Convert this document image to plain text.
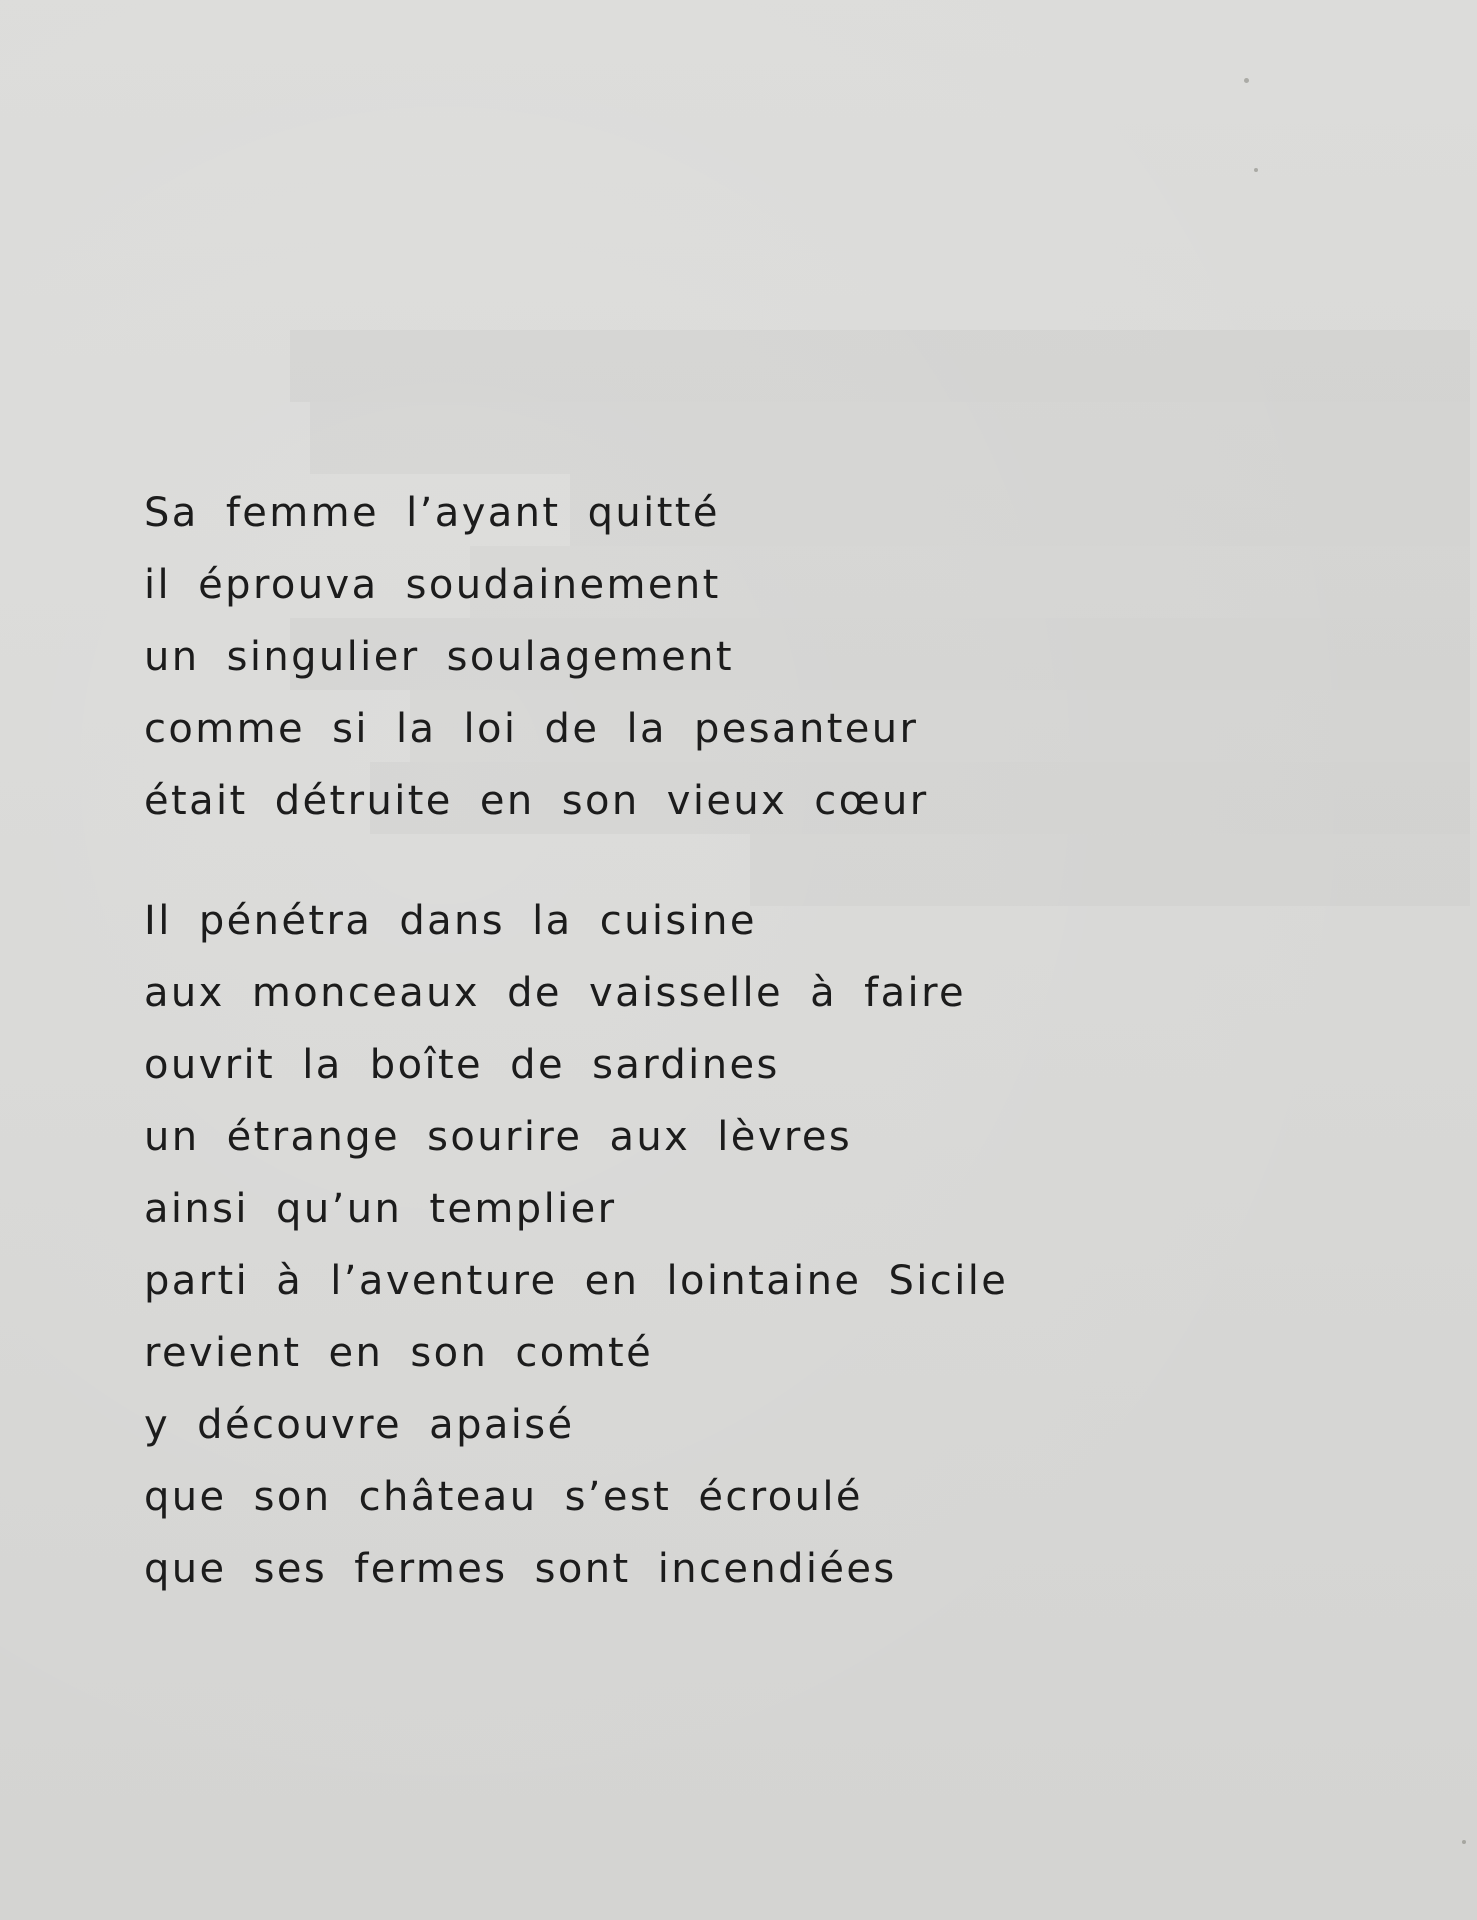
Sa femme l’ayant quitté
il éprouva soudainement
un singulier soulagement
comme si la loi de la pesanteur
était détruite en son vieux cœur
Il pénétra dans la cuisine
aux monceaux de vaisselle à faire
ouvrit la boîte de sardines
un étrange sourire aux lèvres
ainsi qu’un templier
parti à l’aventure en lointaine Sicile
revient en son comté
y découvre apaisé
que son château s’est écroulé
que ses fermes sont incendiées
